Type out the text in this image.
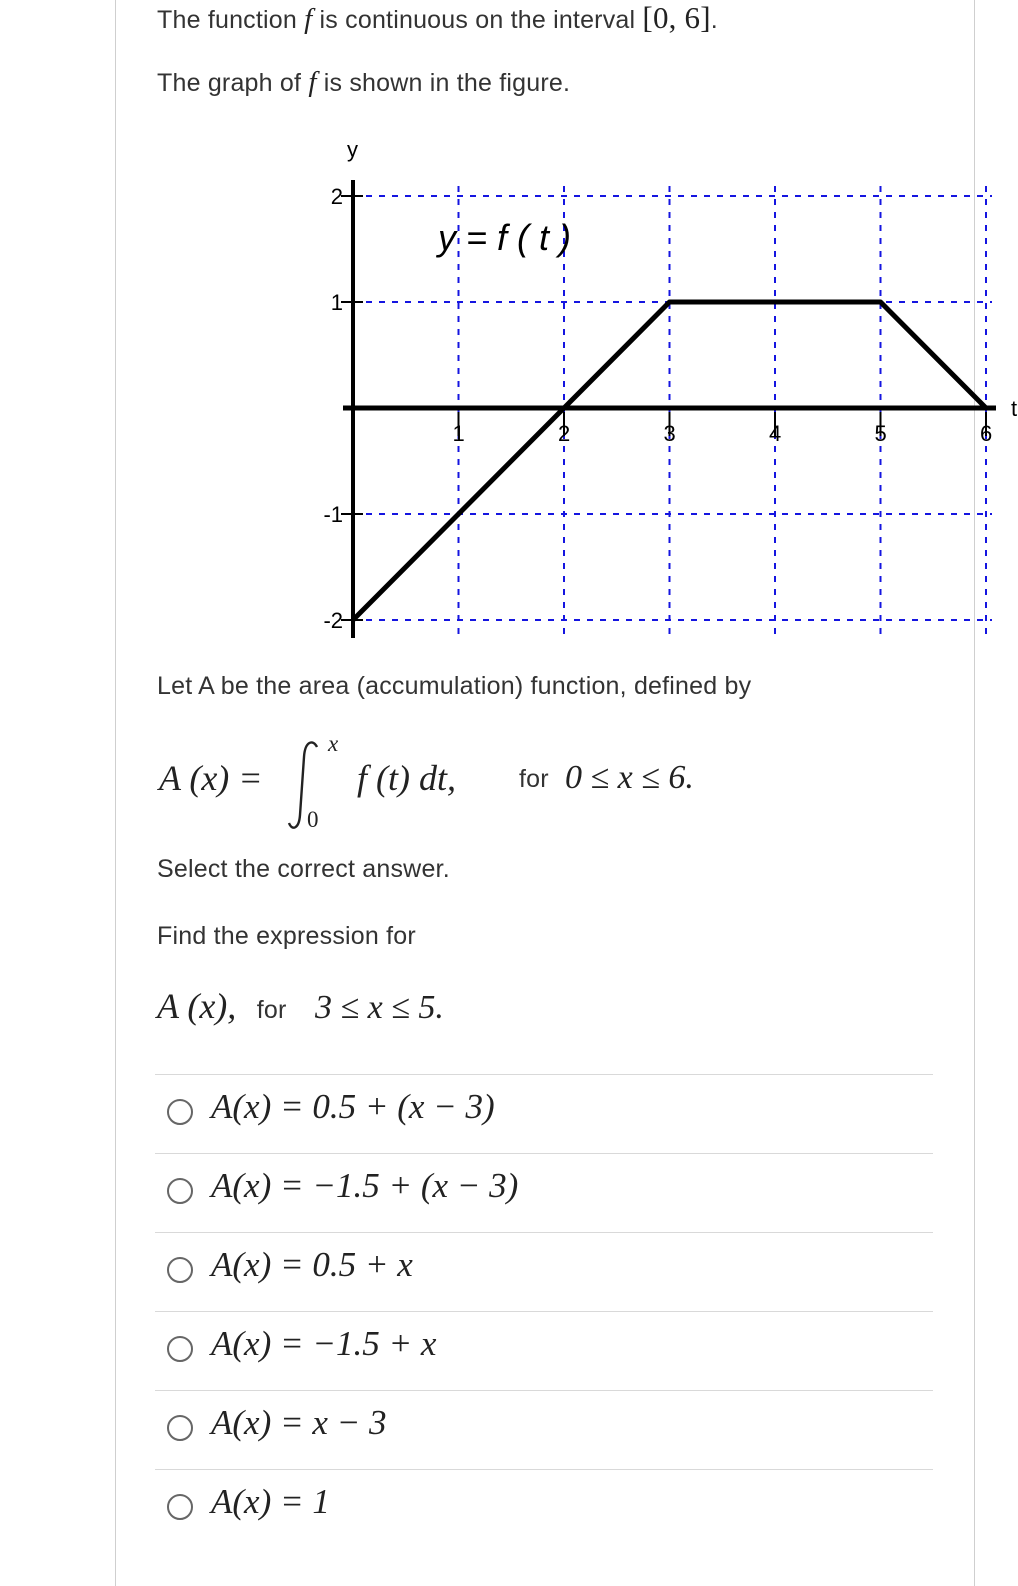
The function f is continuous on the interval [0, 6].
The graph of f is shown in the figure.
1	2	3	4	5	6
2
1
-1
-2
y = f ( t )
y
t
Let A be the area (accumulation) function, defined by
A (x) =
x
0
f (t) dt,	for 0 ≤ x ≤ 6.
Select the correct answer.
Find the expression for
A (x), for 3 ≤ x ≤ 5.
A(x) = 0.5 + (x − 3)
A(x) = −1.5 + (x − 3)
A(x) = 0.5 + x
A(x) = −1.5 + x
A(x) = x − 3
A(x) = 1
